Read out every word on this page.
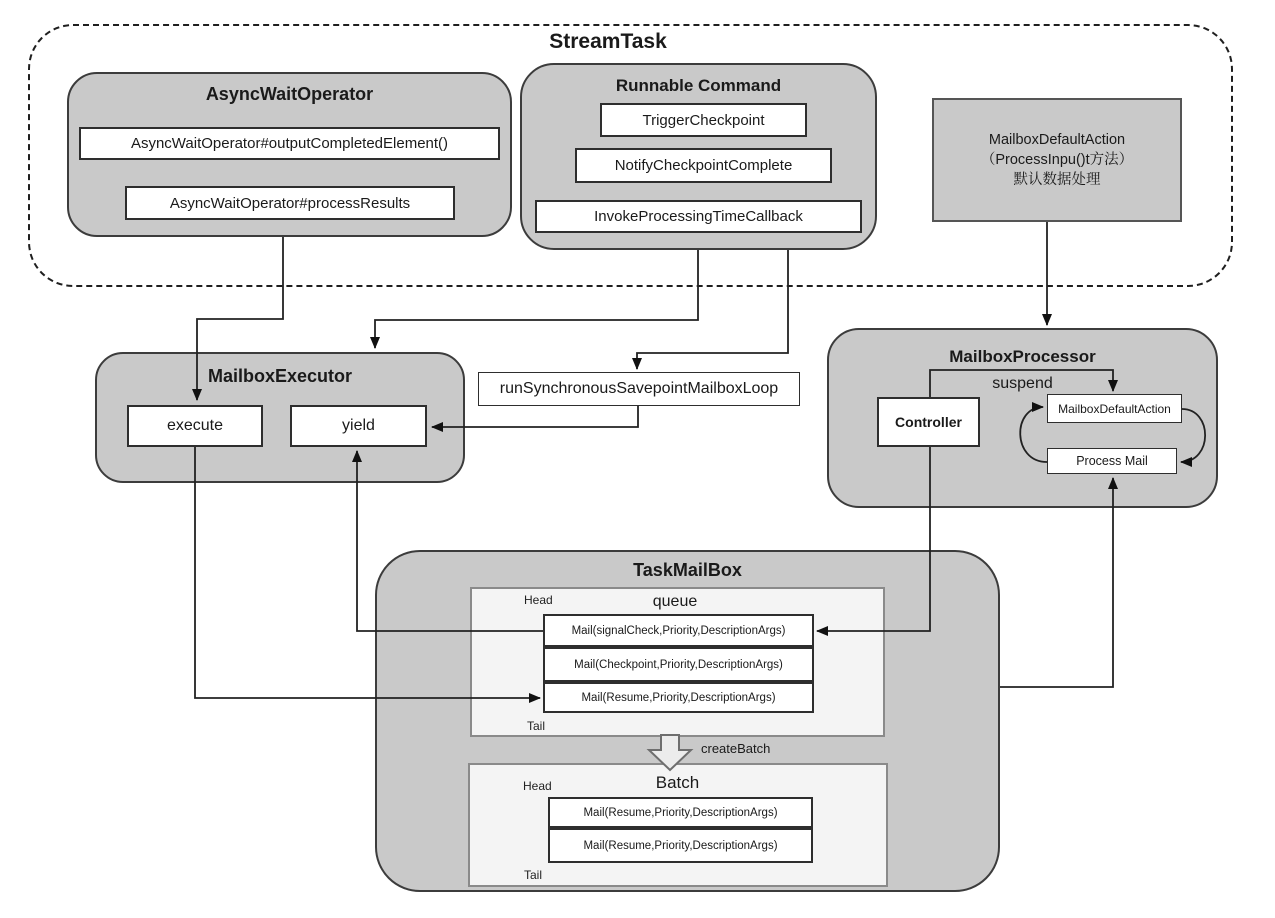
StreamTask
AsyncWaitOperator
AsyncWaitOperator#outputCompletedElement()
AsyncWaitOperator#processResults
Runnable Command
TriggerCheckpoint
NotifyCheckpointComplete
InvokeProcessingTimeCallback
MailboxDefaultAction
（ProcessInpu()t方法）
默认数据处理
MailboxExecutor
execute	yield
runSynchronousSavepointMailboxLoop
MailboxProcessor
suspend
Controller
MailboxDefaultAction
Process Mail
TaskMailBox
Head	queue
Mail(signalCheck,Priority,DescriptionArgs)
Mail(Checkpoint,Priority,DescriptionArgs)
Mail(Resume,Priority,DescriptionArgs)
Tail
createBatch
Head	Batch
Mail(Resume,Priority,DescriptionArgs)
Mail(Resume,Priority,DescriptionArgs)
Tail
